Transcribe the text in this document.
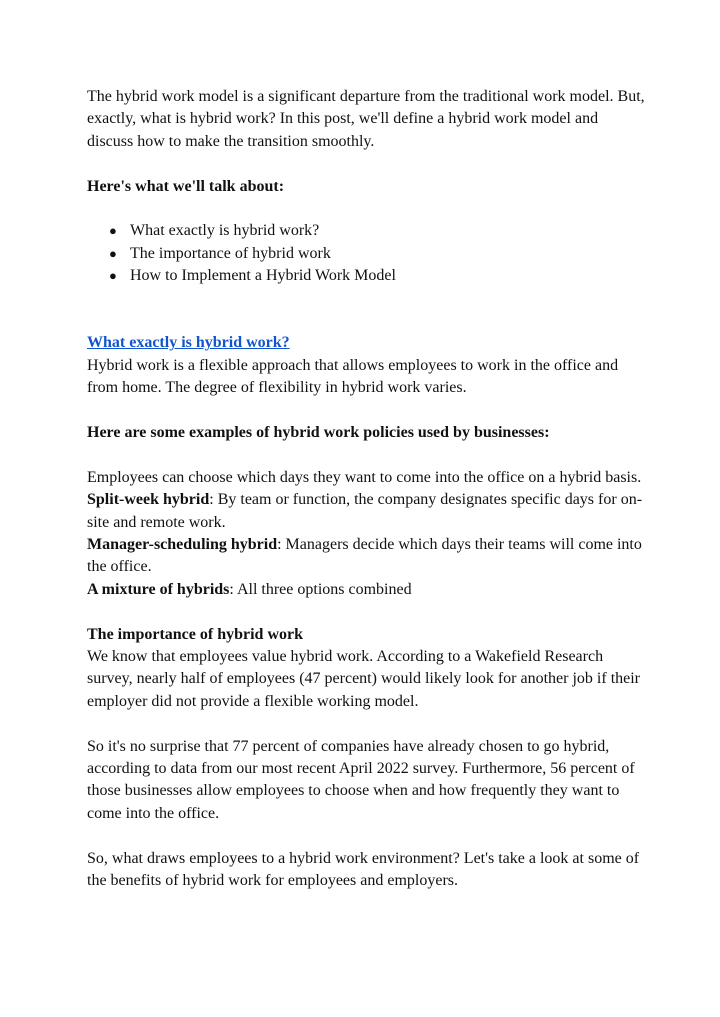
The hybrid work model is a significant departure from the traditional work model. But, exactly, what is hybrid work? In this post, we'll define a hybrid work model and discuss how to make the transition smoothly.

Here's what we'll talk about:

● What exactly is hybrid work?
● The importance of hybrid work
● How to Implement a Hybrid Work Model

What exactly is hybrid work?

Hybrid work is a flexible approach that allows employees to work in the office and from home. The degree of flexibility in hybrid work varies.

Here are some examples of hybrid work policies used by businesses:

Employees can choose which days they want to come into the office on a hybrid basis.

Split-week hybrid: By team or function, the company designates specific days for on-site and remote work.

Manager-scheduling hybrid: Managers decide which days their teams will come into the office.

A mixture of hybrids: All three options combined

The importance of hybrid work

We know that employees value hybrid work. According to a Wakefield Research survey, nearly half of employees (47 percent) would likely look for another job if their employer did not provide a flexible working model.

So it's no surprise that 77 percent of companies have already chosen to go hybrid, according to data from our most recent April 2022 survey. Furthermore, 56 percent of those businesses allow employees to choose when and how frequently they want to come into the office.

So, what draws employees to a hybrid work environment? Let's take a look at some of the benefits of hybrid work for employees and employers.
